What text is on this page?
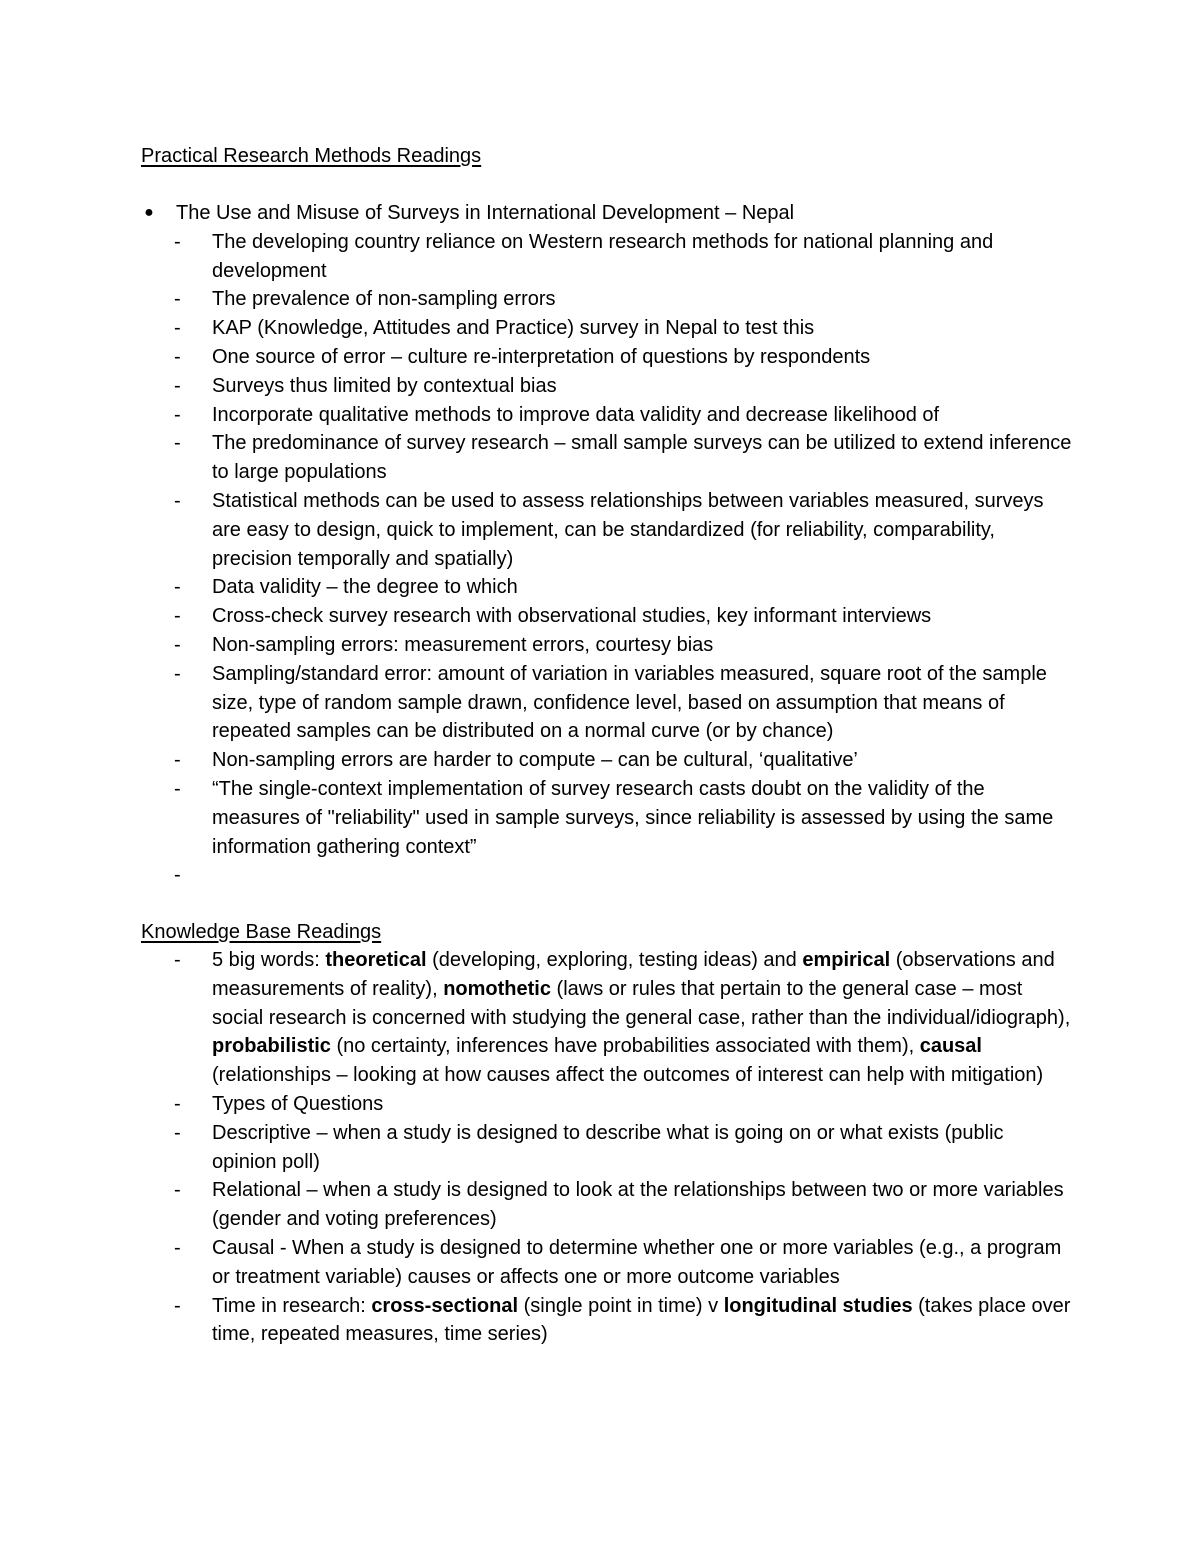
Practical Research Methods Readings
● The Use and Misuse of Surveys in International Development – Nepal
- The developing country reliance on Western research methods for national planning and development
- The prevalence of non-sampling errors
- KAP (Knowledge, Attitudes and Practice) survey in Nepal to test this
- One source of error – culture re-interpretation of questions by respondents
- Surveys thus limited by contextual bias
- Incorporate qualitative methods to improve data validity and decrease likelihood of
- The predominance of survey research – small sample surveys can be utilized to extend inference to large populations
- Statistical methods can be used to assess relationships between variables measured, surveys are easy to design, quick to implement, can be standardized (for reliability, comparability, precision temporally and spatially)
- Data validity – the degree to which
- Cross-check survey research with observational studies, key informant interviews
- Non-sampling errors: measurement errors, courtesy bias
- Sampling/standard error: amount of variation in variables measured, square root of the sample size, type of random sample drawn, confidence level, based on assumption that means of repeated samples can be distributed on a normal curve (or by chance)
- Non-sampling errors are harder to compute – can be cultural, ‘qualitative’
- “The single-context implementation of survey research casts doubt on the validity of the measures of "reliability" used in sample surveys, since reliability is assessed by using the same information gathering context”
-
Knowledge Base Readings
- 5 big words: theoretical (developing, exploring, testing ideas) and empirical (observations and measurements of reality), nomothetic (laws or rules that pertain to the general case – most social research is concerned with studying the general case, rather than the individual/idiograph), probabilistic (no certainty, inferences have probabilities associated with them), causal (relationships – looking at how causes affect the outcomes of interest can help with mitigation)
- Types of Questions
- Descriptive – when a study is designed to describe what is going on or what exists (public opinion poll)
- Relational – when a study is designed to look at the relationships between two or more variables (gender and voting preferences)
- Causal - When a study is designed to determine whether one or more variables (e.g., a program or treatment variable) causes or affects one or more outcome variables
- Time in research: cross-sectional (single point in time) v longitudinal studies (takes place over time, repeated measures, time series)
